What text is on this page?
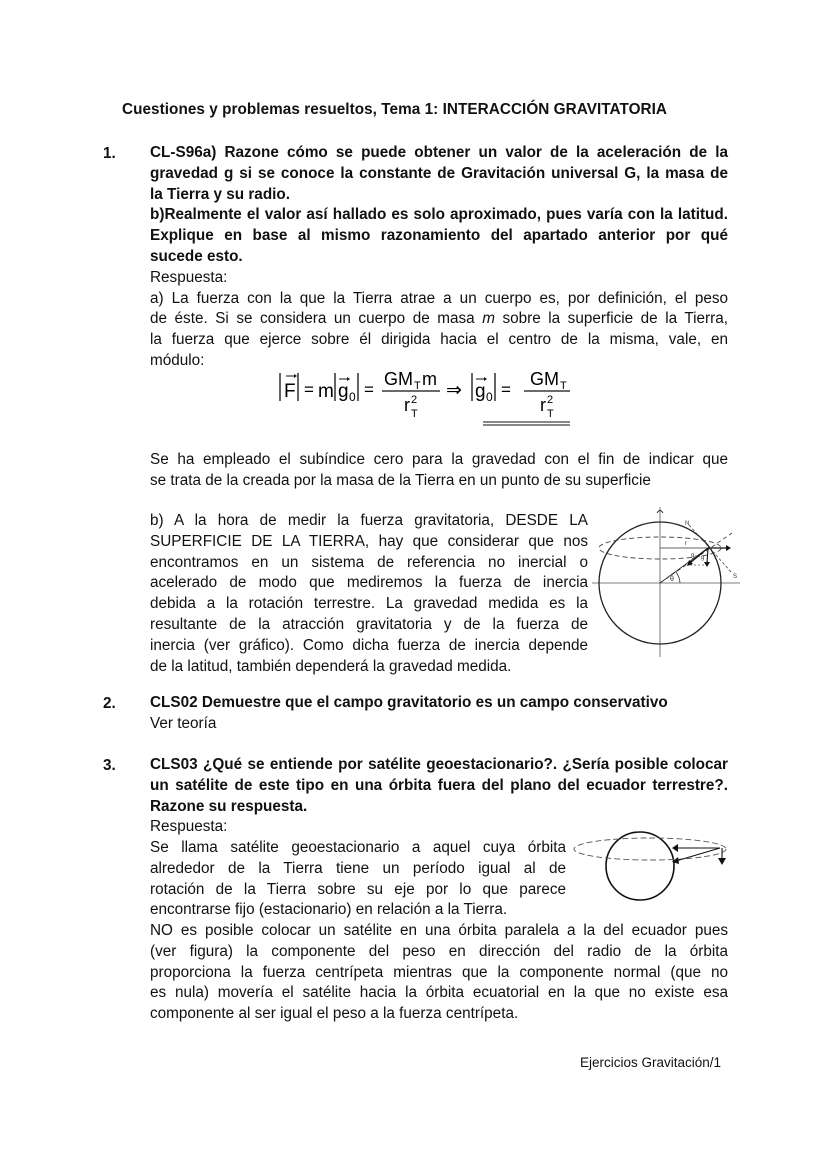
Cuestiones y problemas resueltos, Tema 1: INTERACCIÓN GRAVITATORIA
1. CL-S96a) Razone cómo se puede obtener un valor de la aceleración de la
gravedad g si se conoce la constante de Gravitación universal G, la masa de
la Tierra y su radio.
b)Realmente el valor así hallado es solo aproximado, pues varía con la latitud.
Explique en base al mismo razonamiento del apartado anterior por qué
sucede esto.
Respuesta:
a) La fuerza con la que la Tierra atrae a un cuerpo es, por definición, el peso
de éste. Si se considera un cuerpo de masa m sobre la superficie de la Tierra,
la fuerza que ejerce sobre él dirigida hacia el centro de la misma, vale, en
módulo:
F = m g 0 =
GM T m
r 2
T
⇒ g 0 =
GM T
r 2
T
Se ha empleado el subíndice cero para la gravedad con el fin de indicar que
se trata de la creada por la masa de la Tierra en un punto de su superficie
b) A la hora de medir la fuerza gravitatoria, DESDE LA
SUPERFICIE DE LA TIERRA, hay que considerar que nos
encontramos en un sistema de referencia no inercial o
acelerado de modo que mediremos la fuerza de inercia
debida a la rotación terrestre. La gravedad medida es la
resultante de la atracción gravitatoria y de la fuerza de
inercia (ver gráfico). Como dicha fuerza de inercia depende
de la latitud, también dependerá la gravedad medida.
r
N
S
g₀ g
θ
2. CLS02 Demuestre que el campo gravitatorio es un campo conservativo
Ver teoría
3. CLS03 ¿Qué se entiende por satélite geoestacionario?. ¿Sería posible colocar
un satélite de este tipo en una órbita fuera del plano del ecuador terrestre?.
Razone su respuesta.
Respuesta:
Se llama satélite geoestacionario a aquel cuya órbita
alrededor de la Tierra tiene un período igual al de
rotación de la Tierra sobre su eje por lo que parece
encontrarse fijo (estacionario) en relación a la Tierra.
NO es posible colocar un satélite en una órbita paralela a la del ecuador pues
(ver figura) la componente del peso en dirección del radio de la órbita
proporciona la fuerza centrípeta mientras que la componente normal (que no
es nula) movería el satélite hacia la órbita ecuatorial en la que no existe esa
componente al ser igual el peso a la fuerza centrípeta.
Ejercicios Gravitación/1
